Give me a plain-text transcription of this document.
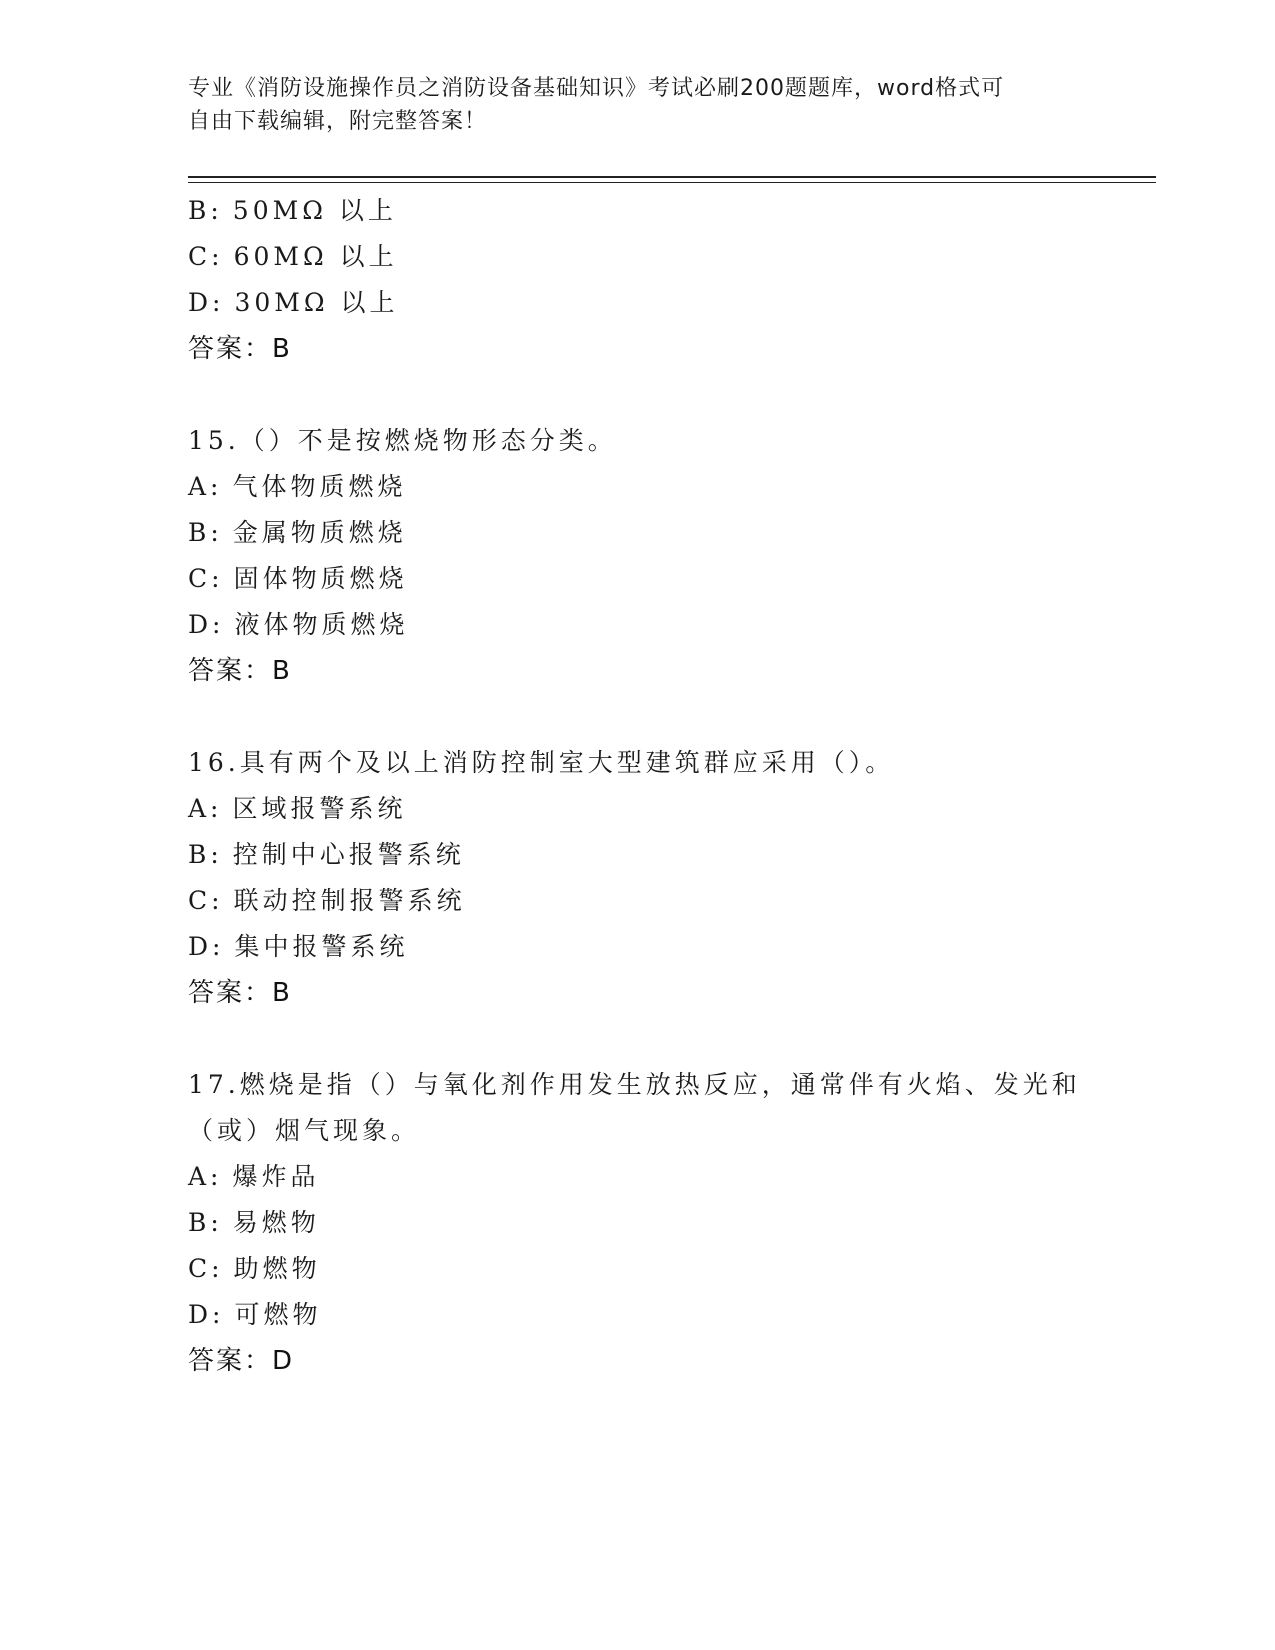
专业《消防设施操作员之消防设备基础知识》考试必刷200题题库，word格式可
自由下载编辑，附完整答案！
B: 50MΩ 以上
C: 60MΩ 以上
D: 30MΩ 以上
答案：B
15.（）不是按燃烧物形态分类。
A: 气体物质燃烧
B: 金属物质燃烧
C: 固体物质燃烧
D: 液体物质燃烧
答案：B
16.具有两个及以上消防控制室大型建筑群应采用（）。
A: 区域报警系统
B: 控制中心报警系统
C: 联动控制报警系统
D: 集中报警系统
答案：B
17.燃烧是指（）与氧化剂作用发生放热反应，通常伴有火焰、发光和（或）烟气现象。
A: 爆炸品
B: 易燃物
C: 助燃物
D: 可燃物
答案：D
